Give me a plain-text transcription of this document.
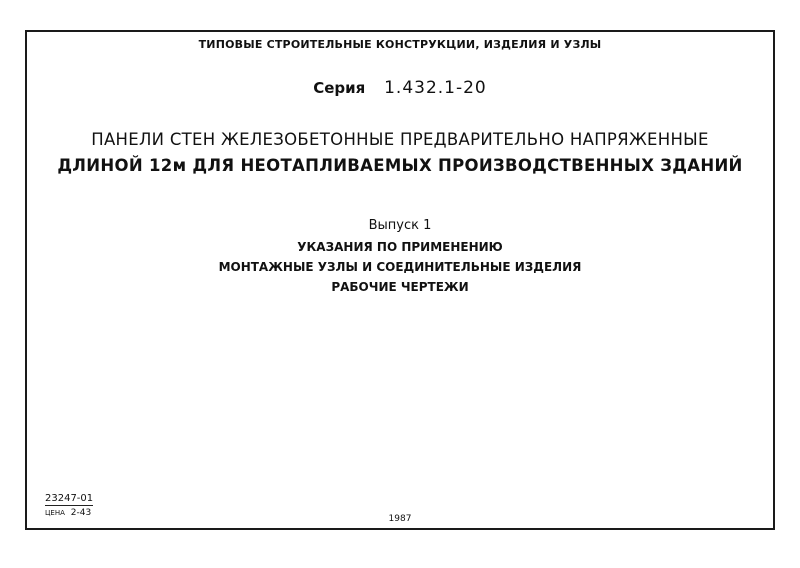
ТИПОВЫЕ СТРОИТЕЛЬНЫЕ КОНСТРУКЦИИ, ИЗДЕЛИЯ И УЗЛЫ
Серия 1.432.1-20
ПАНЕЛИ СТЕН ЖЕЛЕЗОБЕТОННЫЕ ПРЕДВАРИТЕЛЬНО НАПРЯЖЕННЫЕ
ДЛИНОЙ 12м ДЛЯ НЕОТАПЛИВАЕМЫХ ПРОИЗВОДСТВЕННЫХ ЗДАНИЙ
Выпуск 1
УКАЗАНИЯ ПО ПРИМЕНЕНИЮ
МОНТАЖНЫЕ УЗЛЫ И СОЕДИНИТЕЛЬНЫЕ ИЗДЕЛИЯ
РАБОЧИЕ ЧЕРТЕЖИ
23247-01
ЦЕНА 2-43
1987
